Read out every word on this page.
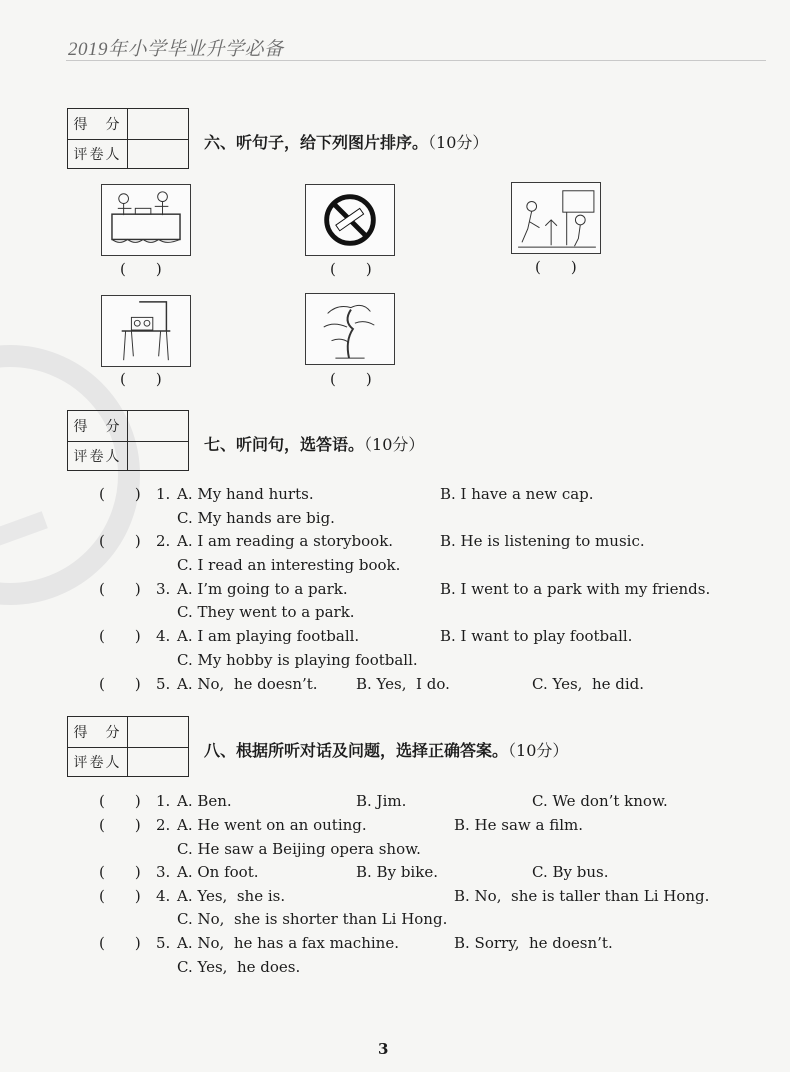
2019年小学毕业升学必备
得　分
评卷人
六、听句子，给下列图片排序。（10分）
(　　)	(　　)	(　　)
(　　)	(　　)
得　分
评卷人
七、听问句，选答语。（10分）
(　　) 1. A. My hand hurts.	B. I have a new cap.
C. My hands are big.
(　　) 2. A. I am reading a storybook.	B. He is listening to music.
C. I read an interesting book.
(　　) 3. A. I’m going to a park.	B. I went to a park with my friends.
C. They went to a park.
(　　) 4. A. I am playing football.	B. I want to play football.
C. My hobby is playing football.
(　　) 5. A. No,  he doesn’t.	B. Yes,  I do.	C. Yes,  he did.
得　分
评卷人
八、根据所听对话及问题，选择正确答案。（10分）
(　　) 1. A. Ben.	B. Jim.	C. We don’t know.
(　　) 2. A. He went on an outing.	B. He saw a film.
C. He saw a Beijing opera show.
(　　) 3. A. On foot.	B. By bike.	C. By bus.
(　　) 4. A. Yes,  she is.	B. No,  she is taller than Li Hong.
C. No,  she is shorter than Li Hong.
(　　) 5. A. No,  he has a fax machine.	B. Sorry,  he doesn’t.
C. Yes,  he does.
3
